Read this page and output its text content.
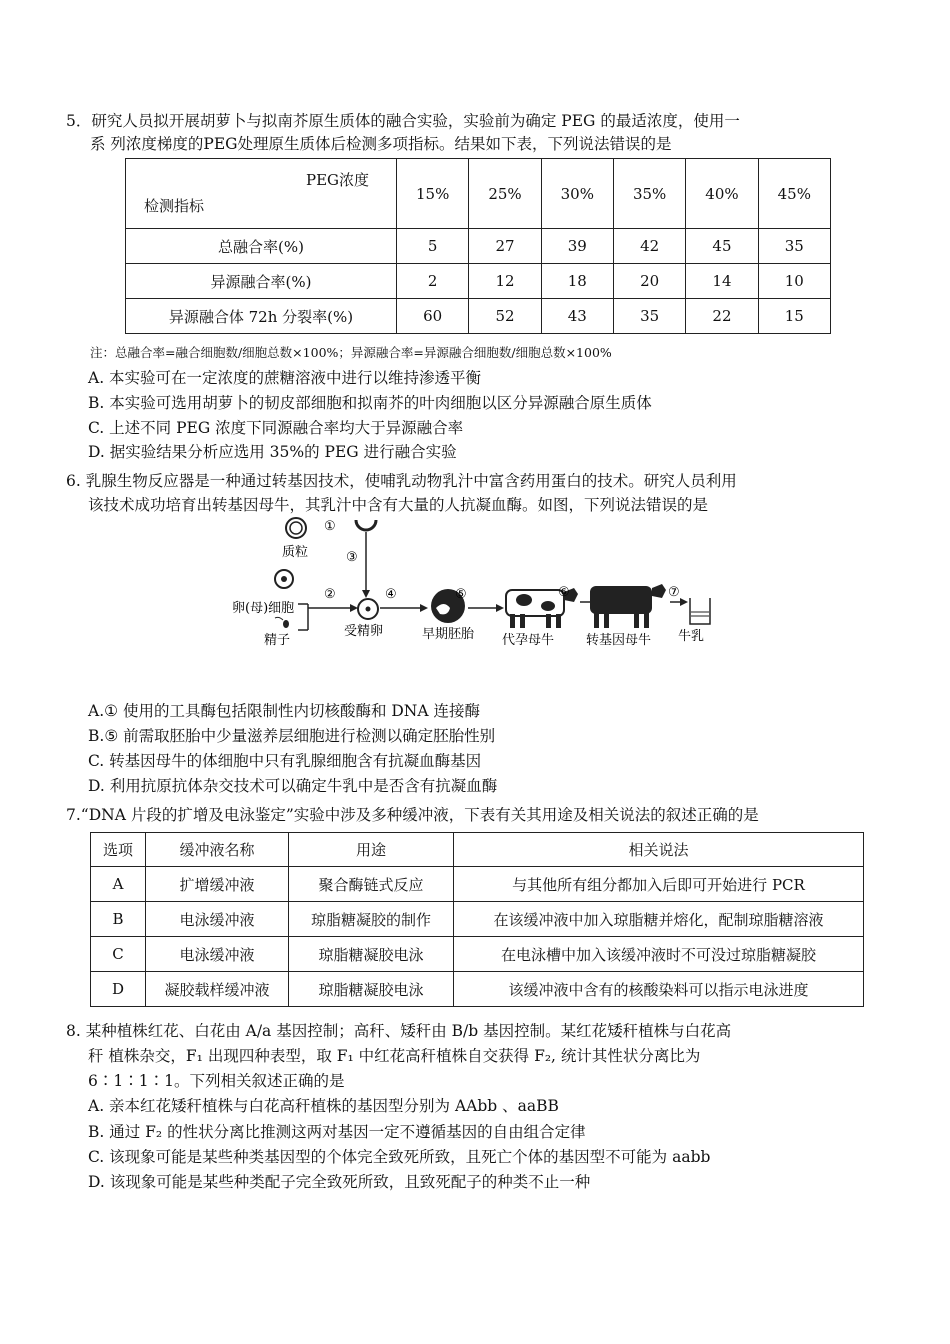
5．研究人员拟开展胡萝卜与拟南芥原生质体的融合实验，实验前为确定 PEG 的最适浓度，使用一
系 列浓度梯度的PEG处理原生质体后检测多项指标。结果如下表，下列说法错误的是
PEG浓度
检测指标	15%	25%	30%	35%	40%	45%
总融合率(%)	5	27	39	42	45	35
异源融合率(%)	2	12	18	20	14	10
异源融合体 72h 分裂率(%)	60	52	43	35	22	15
注：总融合率=融合细胞数/细胞总数×100%；异源融合率=异源融合细胞数/细胞总数×100%
A. 本实验可在一定浓度的蔗糖溶液中进行以维持渗透平衡
B. 本实验可选用胡萝卜的韧皮部细胞和拟南芥的叶肉细胞以区分异源融合原生质体
C. 上述不同 PEG 浓度下同源融合率均大于异源融合率
D. 据实验结果分析应选用 35%的 PEG 进行融合实验
6. 乳腺生物反应器是一种通过转基因技术，使哺乳动物乳汁中富含药用蛋白的技术。研究人员利用
该技术成功培育出转基因母牛，其乳汁中含有大量的人抗凝血酶。如图，下列说法错误的是
质粒
①
③
卵(母)细胞
精子
②
受精卵
④
早期胚胎
⑤
代孕母牛
⑥
转基因母牛
⑦
牛乳
A.① 使用的工具酶包括限制性内切核酸酶和 DNA 连接酶
B.⑤ 前需取胚胎中少量滋养层细胞进行检测以确定胚胎性别
C. 转基因母牛的体细胞中只有乳腺细胞含有抗凝血酶基因
D. 利用抗原抗体杂交技术可以确定牛乳中是否含有抗凝血酶
7.“DNA 片段的扩增及电泳鉴定”实验中涉及多种缓冲液，下表有关其用途及相关说法的叙述正确的是
选项	缓冲液名称	用途	相关说法
A	扩增缓冲液	聚合酶链式反应	与其他所有组分都加入后即可开始进行 PCR
B	电泳缓冲液	琼脂糖凝胶的制作	在该缓冲液中加入琼脂糖并熔化，配制琼脂糖溶液
C	电泳缓冲液	琼脂糖凝胶电泳	在电泳槽中加入该缓冲液时不可没过琼脂糖凝胶
D	凝胶载样缓冲液	琼脂糖凝胶电泳	该缓冲液中含有的核酸染料可以指示电泳进度
8. 某种植株红花、白花由 A/a 基因控制；高秆、矮秆由 B/b 基因控制。某红花矮秆植株与白花高
秆 植株杂交，F₁ 出现四种表型，取 F₁ 中红花高秆植株自交获得 F₂, 统计其性状分离比为
6∶1∶1∶1。下列相关叙述正确的是
A. 亲本红花矮秆植株与白花高秆植株的基因型分别为 AAbb 、aaBB
B. 通过 F₂ 的性状分离比推测这两对基因一定不遵循基因的自由组合定律
C. 该现象可能是某些种类基因型的个体完全致死所致，且死亡个体的基因型不可能为 aabb
D. 该现象可能是某些种类配子完全致死所致，且致死配子的种类不止一种
